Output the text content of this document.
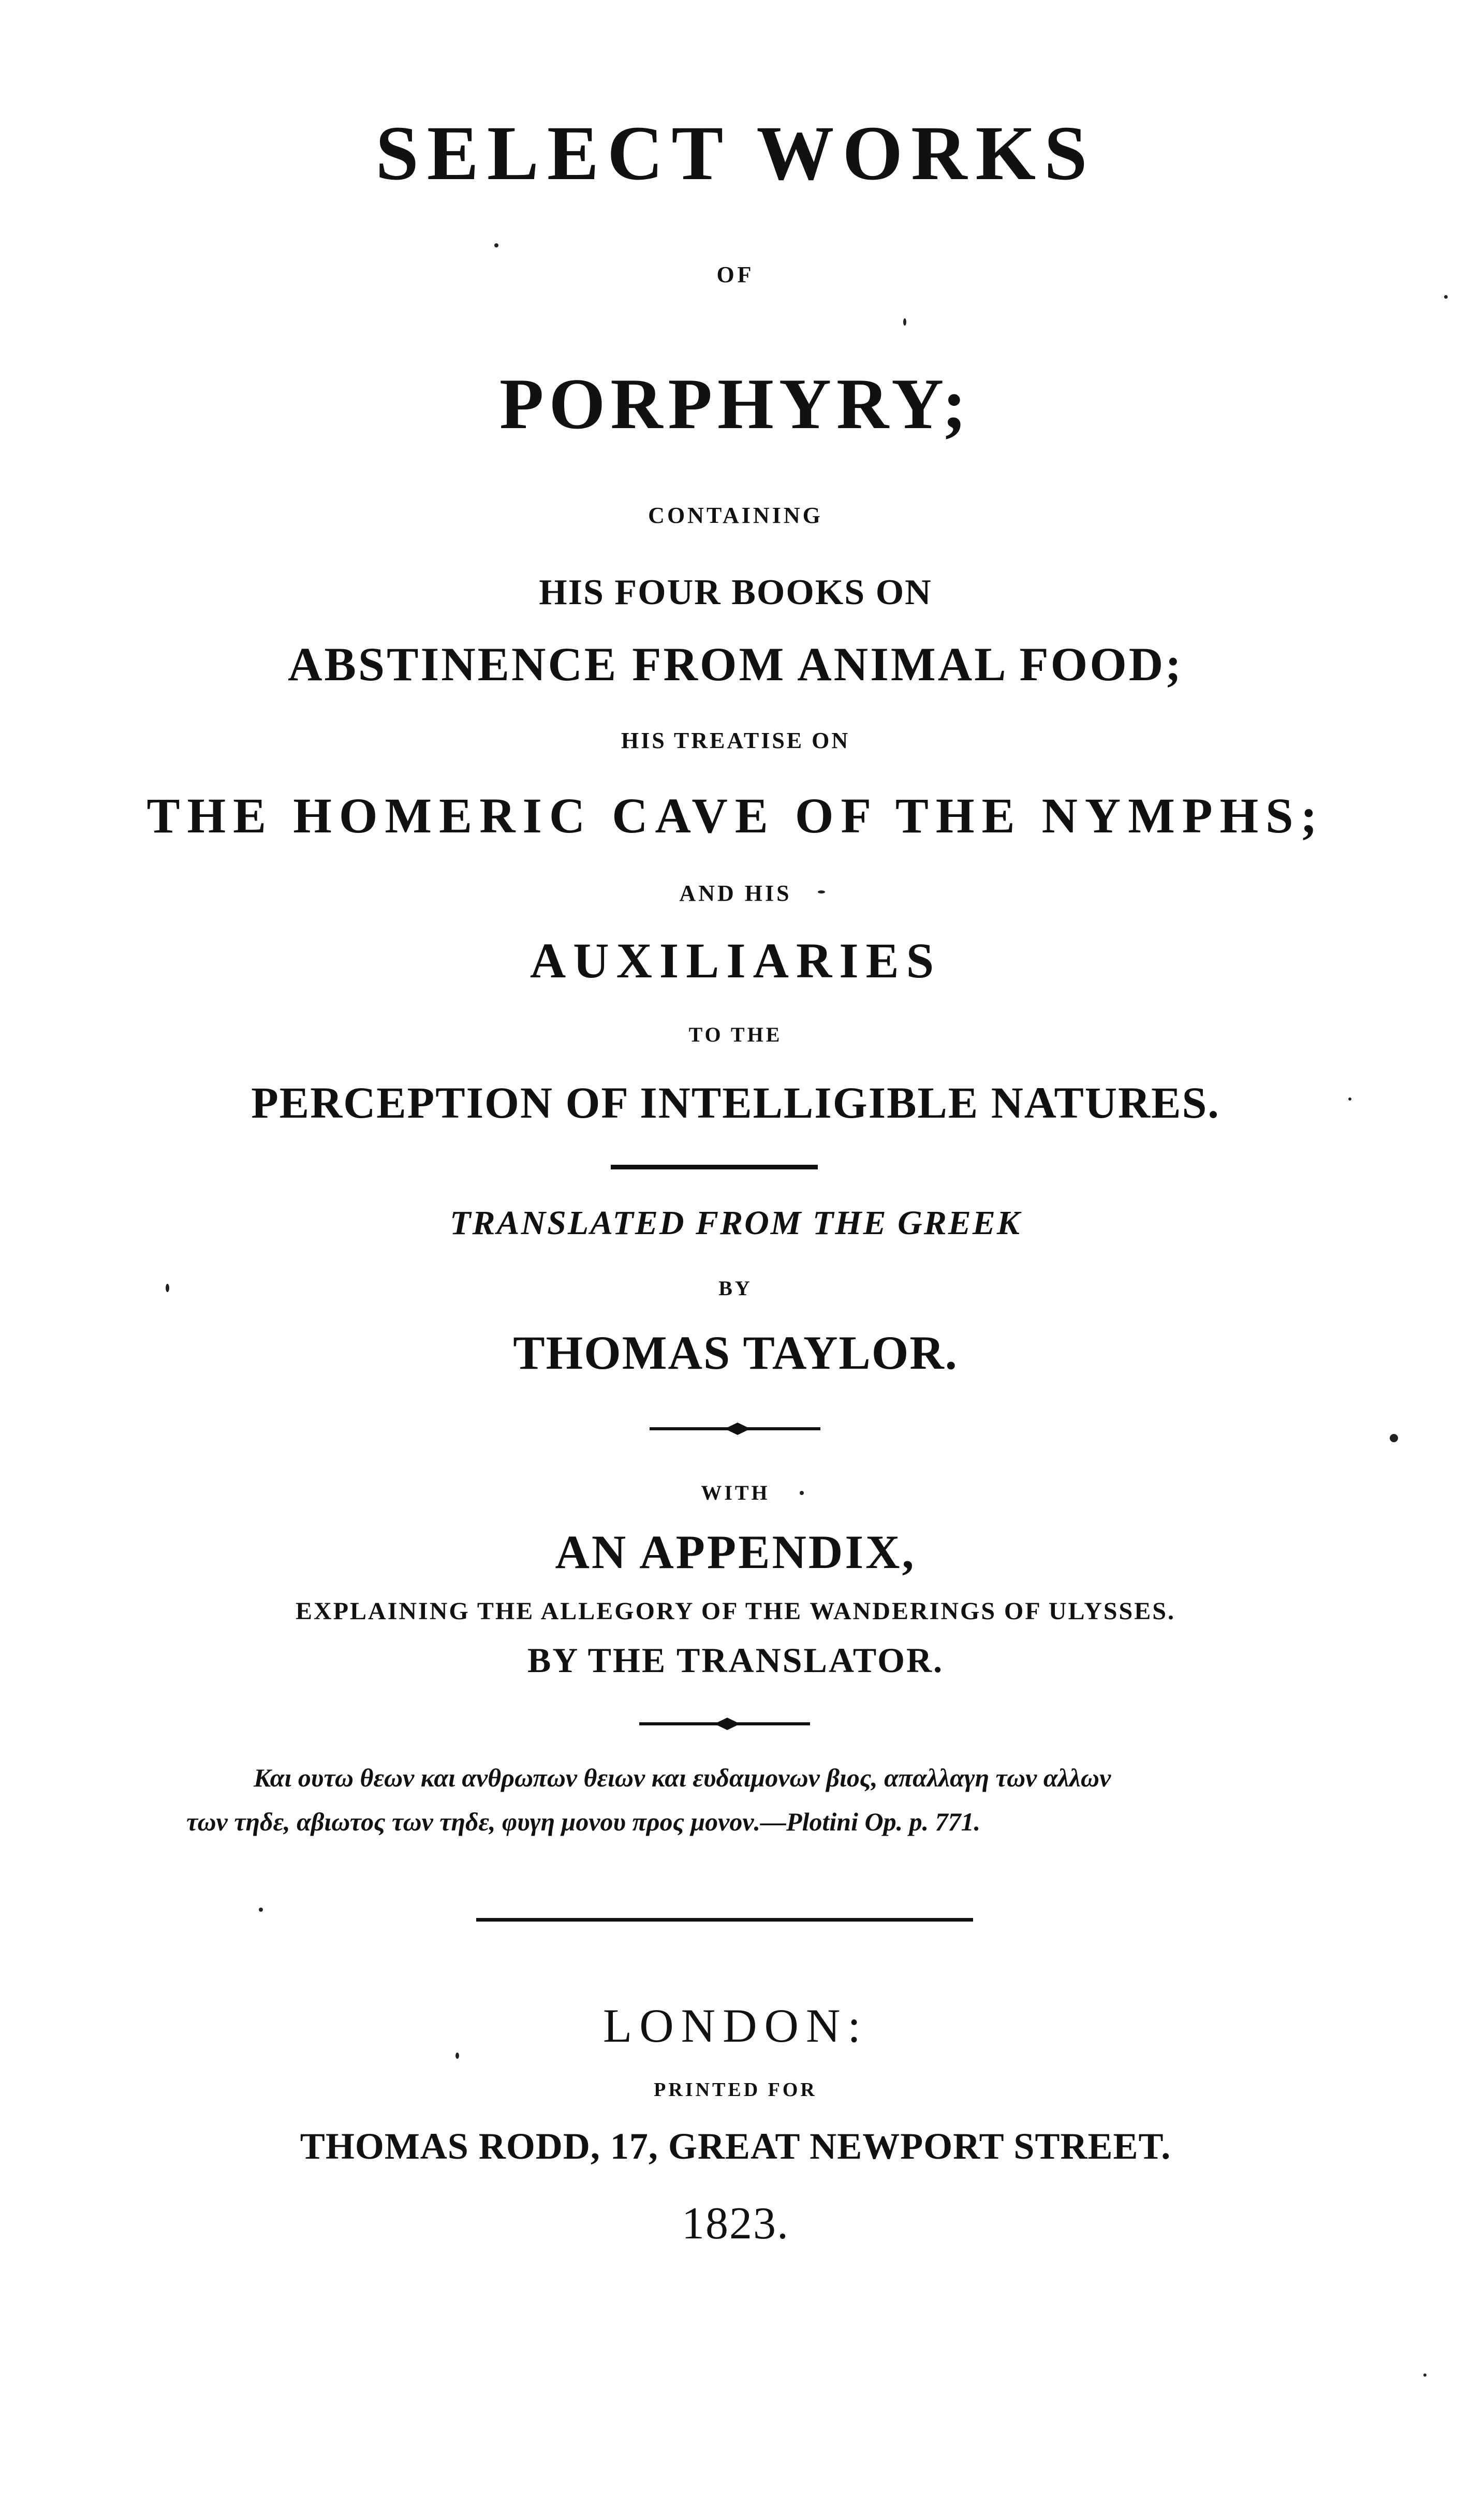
SELECT WORKS
OF
PORPHYRY;
CONTAINING
HIS FOUR BOOKS ON
ABSTINENCE FROM ANIMAL FOOD;
HIS TREATISE ON
THE HOMERIC CAVE OF THE NYMPHS;
AND HIS
AUXILIARIES
TO THE
PERCEPTION OF INTELLIGIBLE NATURES.
TRANSLATED FROM THE GREEK
BY
THOMAS TAYLOR.
WITH
AN APPENDIX,
EXPLAINING THE ALLEGORY OF THE WANDERINGS OF ULYSSES.
BY THE TRANSLATOR.
Και ουτω θεων και ανθρωπων θειων και ευδαιμονων βιος, απαλλαγη των αλλων
των τηδε, αβιωτος των τηδε, φυγη μονου προς μονον.—Plotini Op. p. 771.
LONDON:
PRINTED FOR
THOMAS RODD, 17, GREAT NEWPORT STREET.
1823.
